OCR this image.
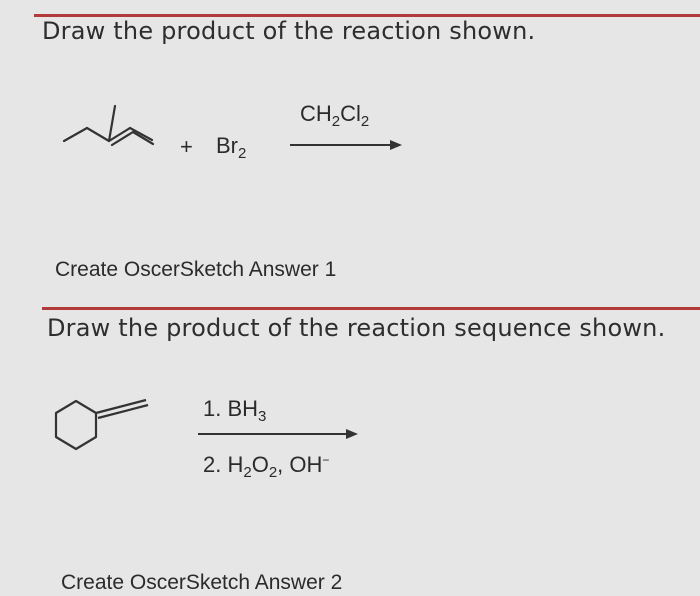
Draw the product of the reaction shown.
+ $Br_2$
$CH_2Cl_2$
Create OscerSketch Answer 1
Draw the product of the reaction sequence shown.
1. $BH_3$
2. $H_2O_2$, OH−
Create OscerSketch Answer 2
